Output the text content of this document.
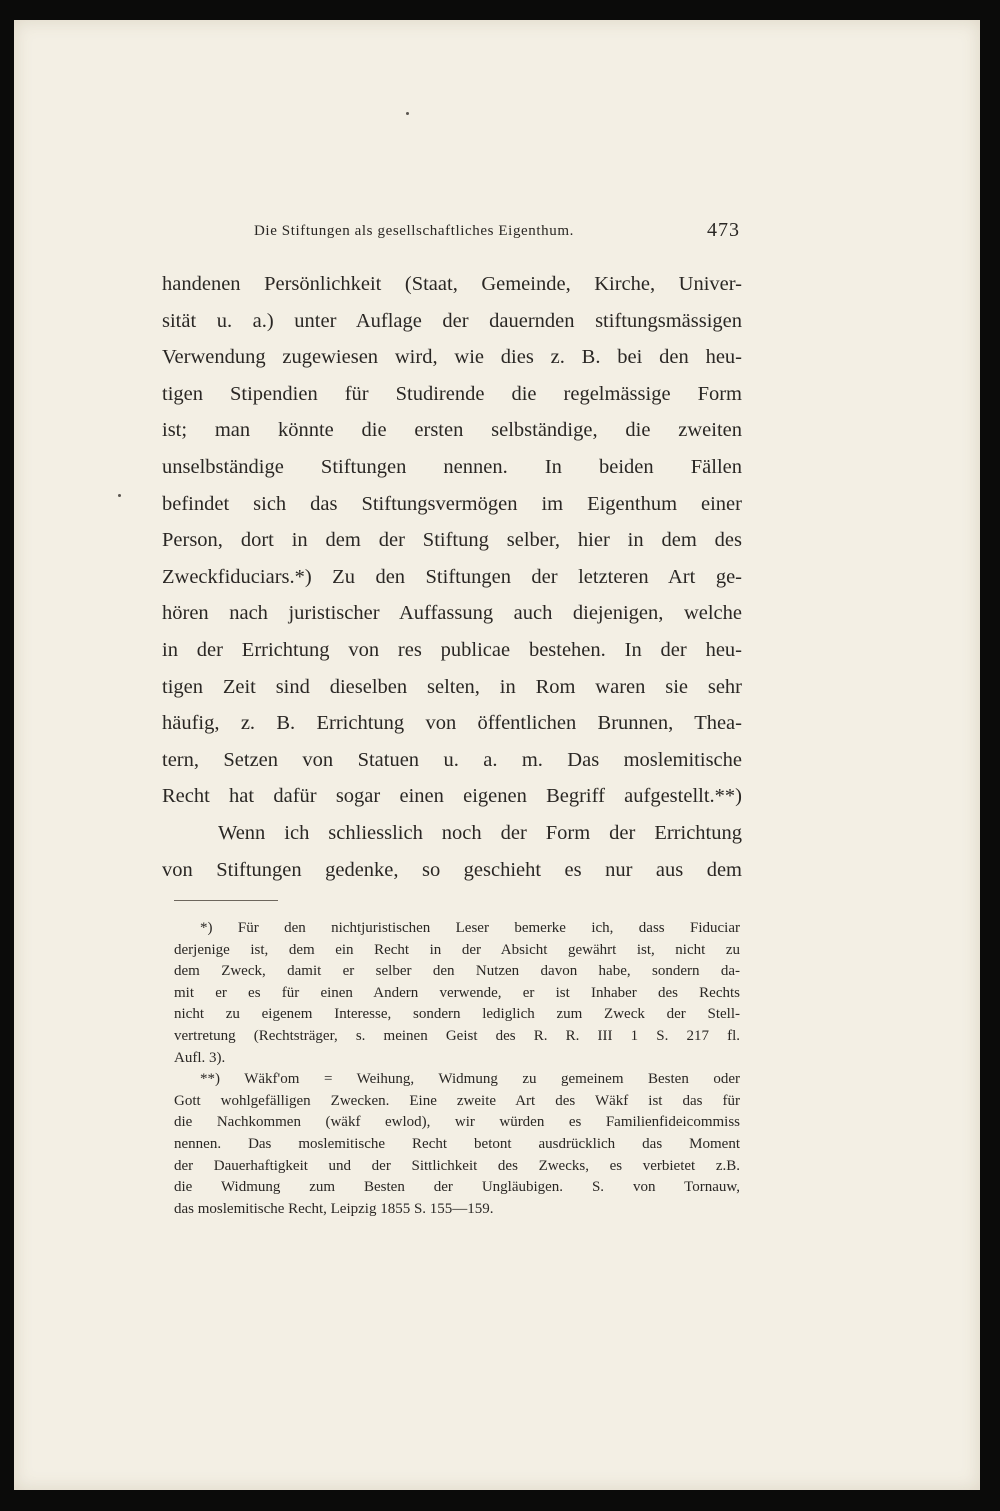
Die Stiftungen als gesellschaftliches Eigenthum.	473
handenen Persönlichkeit (Staat, Gemeinde, Kirche, Univer-
sität u. a.) unter Auflage der dauernden stiftungsmässigen
Verwendung zugewiesen wird, wie dies z. B. bei den heu-
tigen Stipendien für Studirende die regelmässige Form
ist; man könnte die ersten selbständige, die zweiten
unselbständige Stiftungen nennen. In beiden Fällen
befindet sich das Stiftungsvermögen im Eigenthum einer
Person, dort in dem der Stiftung selber, hier in dem des
Zweckfiduciars.*) Zu den Stiftungen der letzteren Art ge-
hören nach juristischer Auffassung auch diejenigen, welche
in der Errichtung von res publicae bestehen. In der heu-
tigen Zeit sind dieselben selten, in Rom waren sie sehr
häufig, z. B. Errichtung von öffentlichen Brunnen, Thea-
tern, Setzen von Statuen u. a. m. Das moslemitische
Recht hat dafür sogar einen eigenen Begriff aufgestellt.**)
Wenn ich schliesslich noch der Form der Errichtung
von Stiftungen gedenke, so geschieht es nur aus dem
*) Für den nichtjuristischen Leser bemerke ich, dass Fiduciar
derjenige ist, dem ein Recht in der Absicht gewährt ist, nicht zu
dem Zweck, damit er selber den Nutzen davon habe, sondern da-
mit er es für einen Andern verwende, er ist Inhaber des Rechts
nicht zu eigenem Interesse, sondern lediglich zum Zweck der Stell-
vertretung (Rechtsträger, s. meinen Geist des R. R. III 1 S. 217 fl.
Aufl. 3).
**) Wäkf'om = Weihung, Widmung zu gemeinem Besten oder
Gott wohlgefälligen Zwecken. Eine zweite Art des Wäkf ist das für
die Nachkommen (wäkf ewlod), wir würden es Familienfideicommiss
nennen. Das moslemitische Recht betont ausdrücklich das Moment
der Dauerhaftigkeit und der Sittlichkeit des Zwecks, es verbietet z.B.
die Widmung zum Besten der Ungläubigen. S. von Tornauw,
das moslemitische Recht, Leipzig 1855 S. 155—159.
